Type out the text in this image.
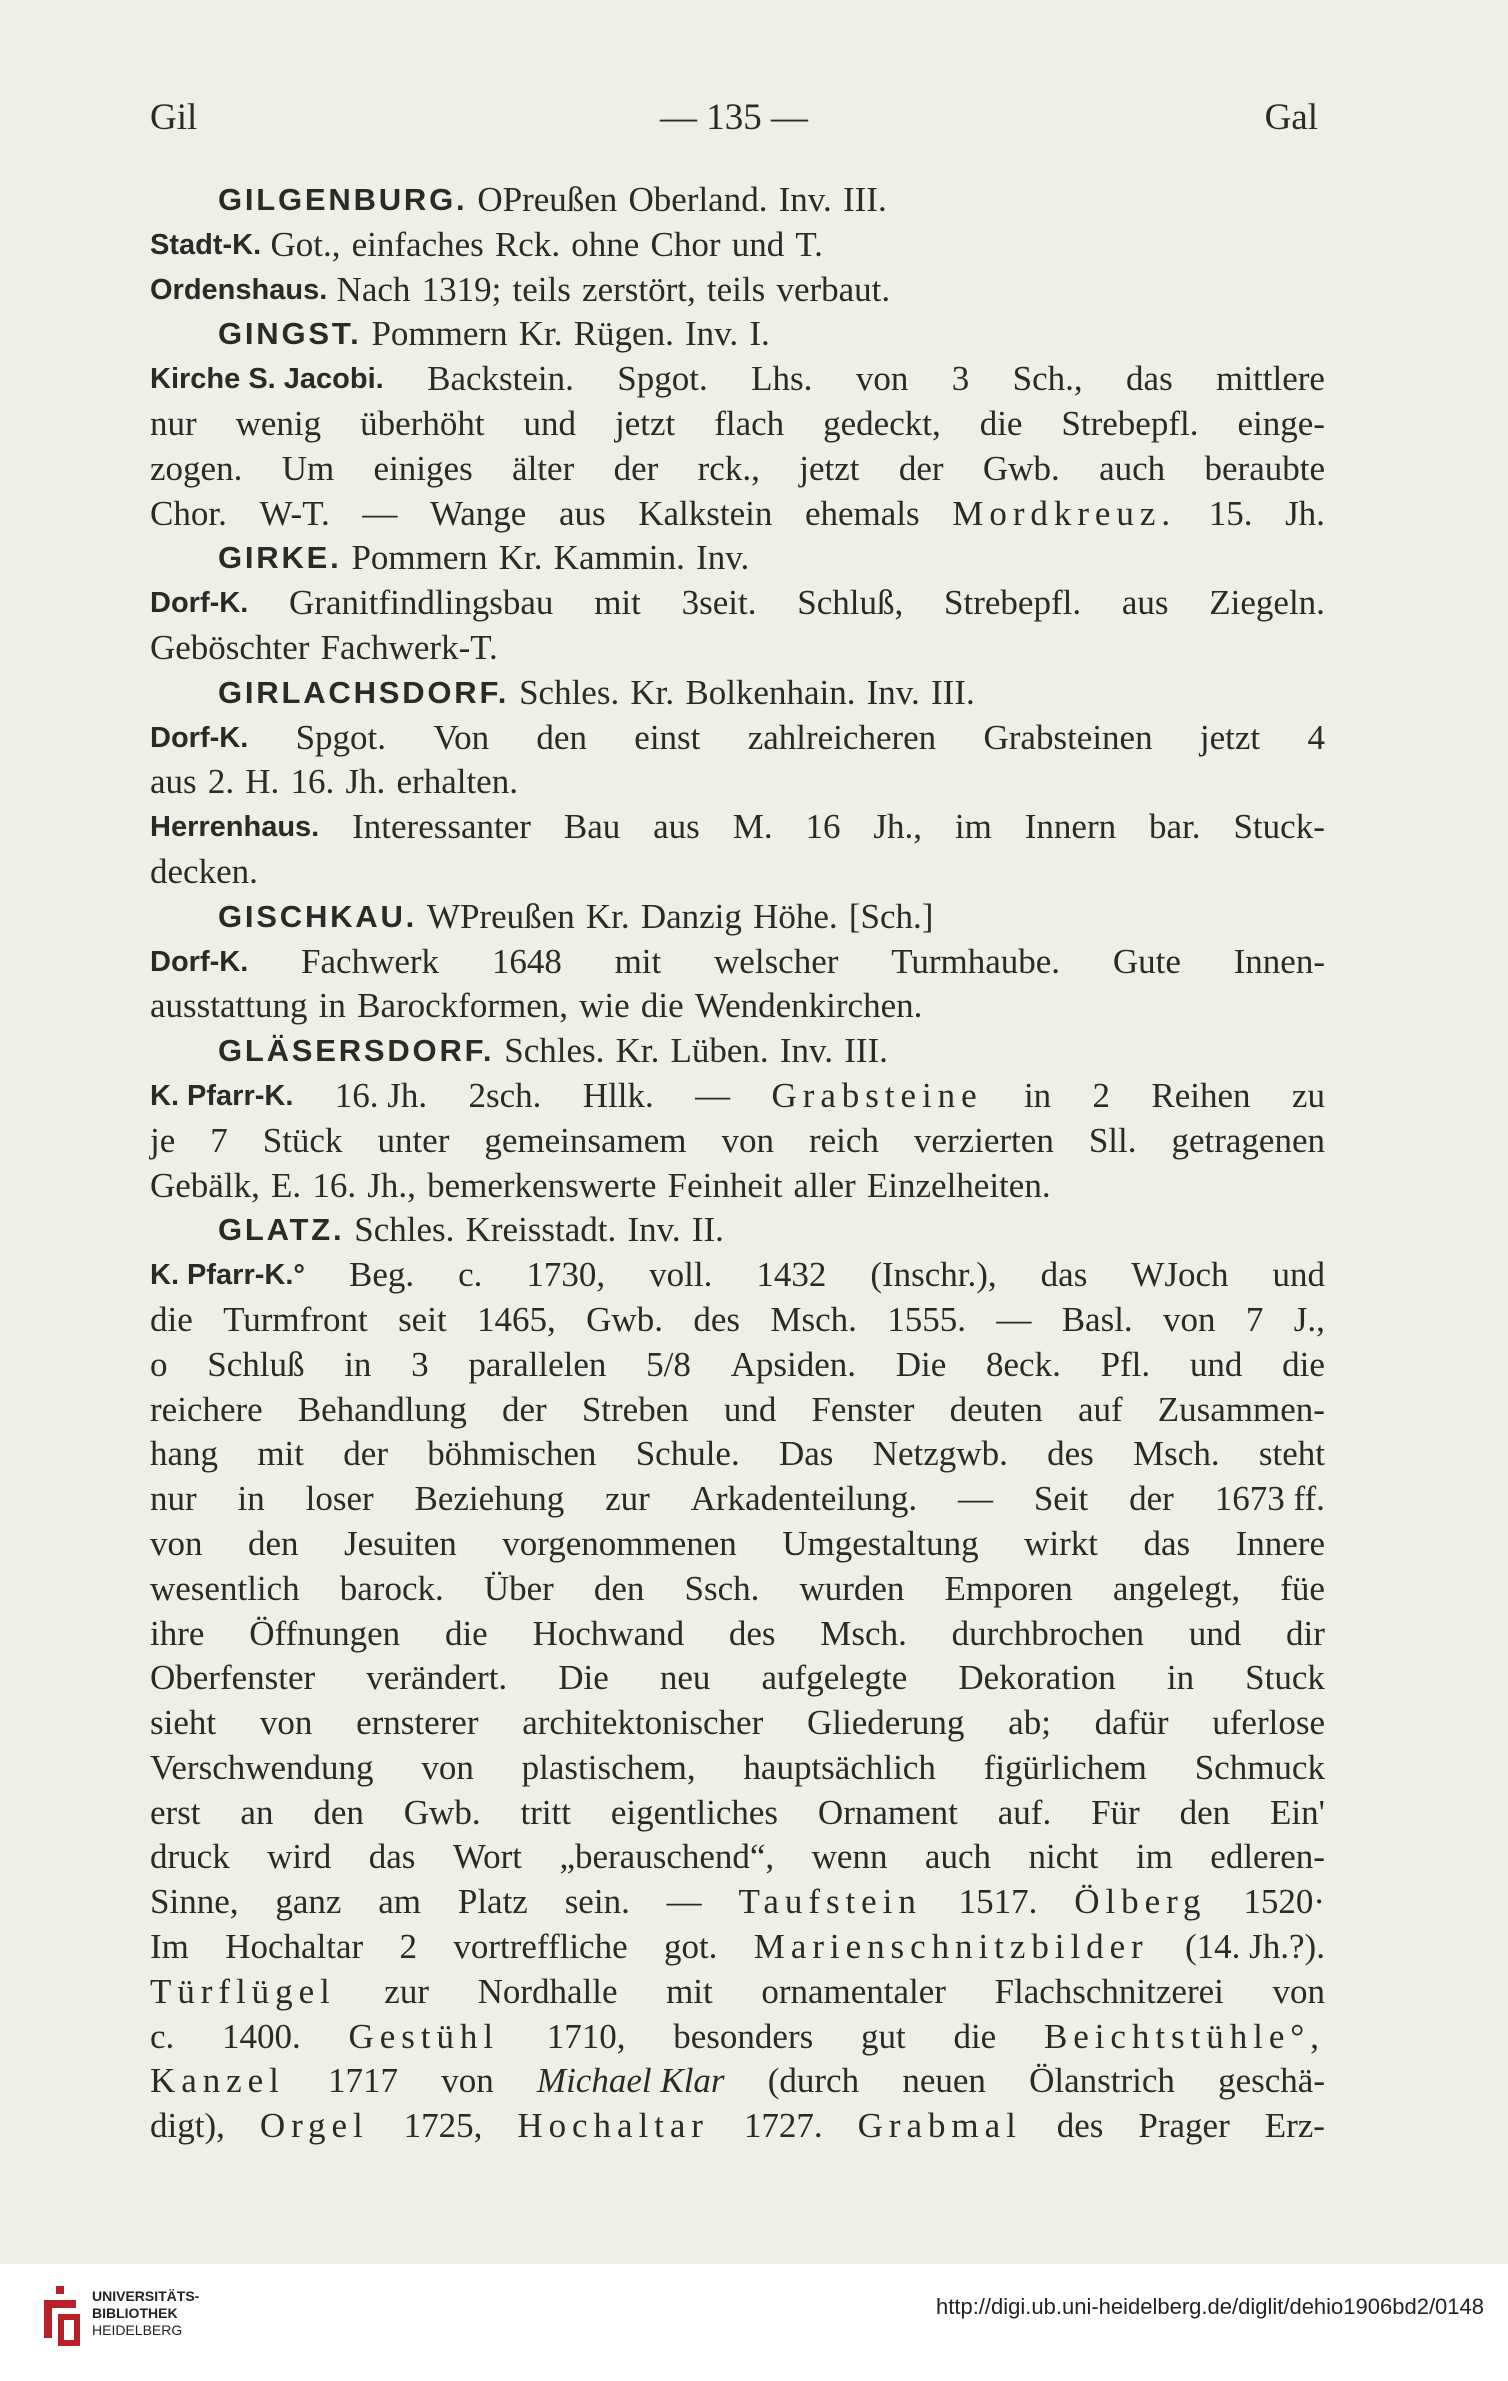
Gil	— 135 —	Gal
GILGENBURG. OPreußen Oberland. Inv. III.
Stadt-K. Got., einfaches Rck. ohne Chor und T.
Ordenshaus. Nach 1319; teils zerstört, teils verbaut.
GINGST. Pommern Kr. Rügen. Inv. I.
Kirche S. Jacobi. Backstein. Spgot. Lhs. von 3 Sch., das mittlere
nur wenig überhöht und jetzt flach gedeckt, die Strebepfl. einge-
zogen. Um einiges älter der rck., jetzt der Gwb. auch beraubte
Chor. W-T. — Wange aus Kalkstein ehemals Mordkreuz. 15. Jh.
GIRKE. Pommern Kr. Kammin. Inv.
Dorf-K. Granitfindlingsbau mit 3seit. Schluß, Strebepfl. aus Ziegeln.
Geböschter Fachwerk-T.
GIRLACHSDORF. Schles. Kr. Bolkenhain. Inv. III.
Dorf-K. Spgot. Von den einst zahlreicheren Grabsteinen jetzt 4
aus 2. H. 16. Jh. erhalten.
Herrenhaus. Interessanter Bau aus M. 16 Jh., im Innern bar. Stuck-
decken.
GISCHKAU. WPreußen Kr. Danzig Höhe. [Sch.]
Dorf-K. Fachwerk 1648 mit welscher Turmhaube. Gute Innen-
ausstattung in Barockformen, wie die Wendenkirchen.
GLÄSERSDORF. Schles. Kr. Lüben. Inv. III.
K. Pfarr-K. 16. Jh. 2sch. Hllk. — Grabsteine in 2 Reihen zu
je 7 Stück unter gemeinsamem von reich verzierten Sll. getragenen
Gebälk, E. 16. Jh., bemerkenswerte Feinheit aller Einzelheiten.
GLATZ. Schles. Kreisstadt. Inv. II.
K. Pfarr-K.° Beg. c. 1730, voll. 1432 (Inschr.), das WJoch und
die Turmfront seit 1465, Gwb. des Msch. 1555. — Basl. von 7 J.,
o Schluß in 3 parallelen 5/8 Apsiden. Die 8eck. Pfl. und die
reichere Behandlung der Streben und Fenster deuten auf Zusammen-
hang mit der böhmischen Schule. Das Netzgwb. des Msch. steht
nur in loser Beziehung zur Arkadenteilung. — Seit der 1673 ff.
von den Jesuiten vorgenommenen Umgestaltung wirkt das Innere
wesentlich barock. Über den Ssch. wurden Emporen angelegt, füe
ihre Öffnungen die Hochwand des Msch. durchbrochen und dir
Oberfenster verändert. Die neu aufgelegte Dekoration in Stuck
sieht von ernsterer architektonischer Gliederung ab; dafür uferlose
Verschwendung von plastischem, hauptsächlich figürlichem Schmuck
erst an den Gwb. tritt eigentliches Ornament auf. Für den Ein'
druck wird das Wort „berauschend“, wenn auch nicht im edleren-
Sinne, ganz am Platz sein. — Taufstein 1517. Ölberg 1520·
Im Hochaltar 2 vortreffliche got. Marienschnitzbilder (14. Jh.?).
Türflügel zur Nordhalle mit ornamentaler Flachschnitzerei von
c. 1400. Gestühl 1710, besonders gut die Beichtstühle°,
Kanzel 1717 von Michael Klar (durch neuen Ölanstrich geschä-
digt), Orgel 1725, Hochaltar 1727. Grabmal des Prager Erz-
UNIVERSITÄTS-
BIBLIOTHEK
HEIDELBERG
http://digi.ub.uni-heidelberg.de/diglit/dehio1906bd2/0148
